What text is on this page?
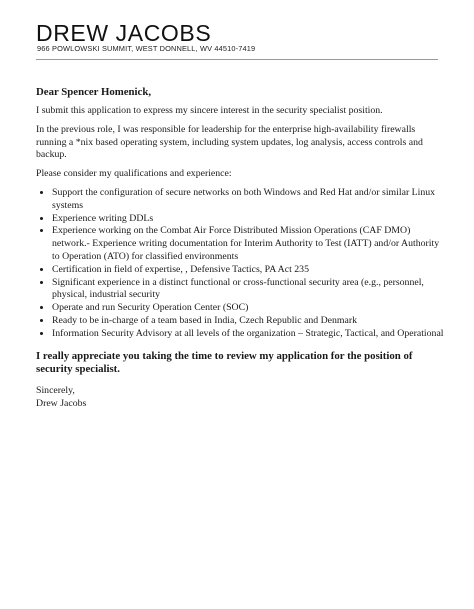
DREW JACOBS
966 POWLOWSKI SUMMIT, WEST DONNELL, WV 44510-7419

Dear Spencer Homenick,

I submit this application to express my sincere interest in the security specialist position.

In the previous role, I was responsible for leadership for the enterprise high-availability firewalls running a *nix based operating system, including system updates, log analysis, access controls and backup.

Please consider my qualifications and experience:

• Support the configuration of secure networks on both Windows and Red Hat and/or similar Linux systems
• Experience writing DDLs
• Experience working on the Combat Air Force Distributed Mission Operations (CAF DMO) network.- Experience writing documentation for Interim Authority to Test (IATT) and/or Authority to Operation (ATO) for classified environments
• Certification in field of expertise, , Defensive Tactics, PA Act 235
• Significant experience in a distinct functional or cross-functional security area (e.g., personnel, physical, industrial security
• Operate and run Security Operation Center (SOC)
• Ready to be in-charge of a team based in India, Czech Republic and Denmark
• Information Security Advisory at all levels of the organization – Strategic, Tactical, and Operational

I really appreciate you taking the time to review my application for the position of security specialist.

Sincerely,

Drew Jacobs
